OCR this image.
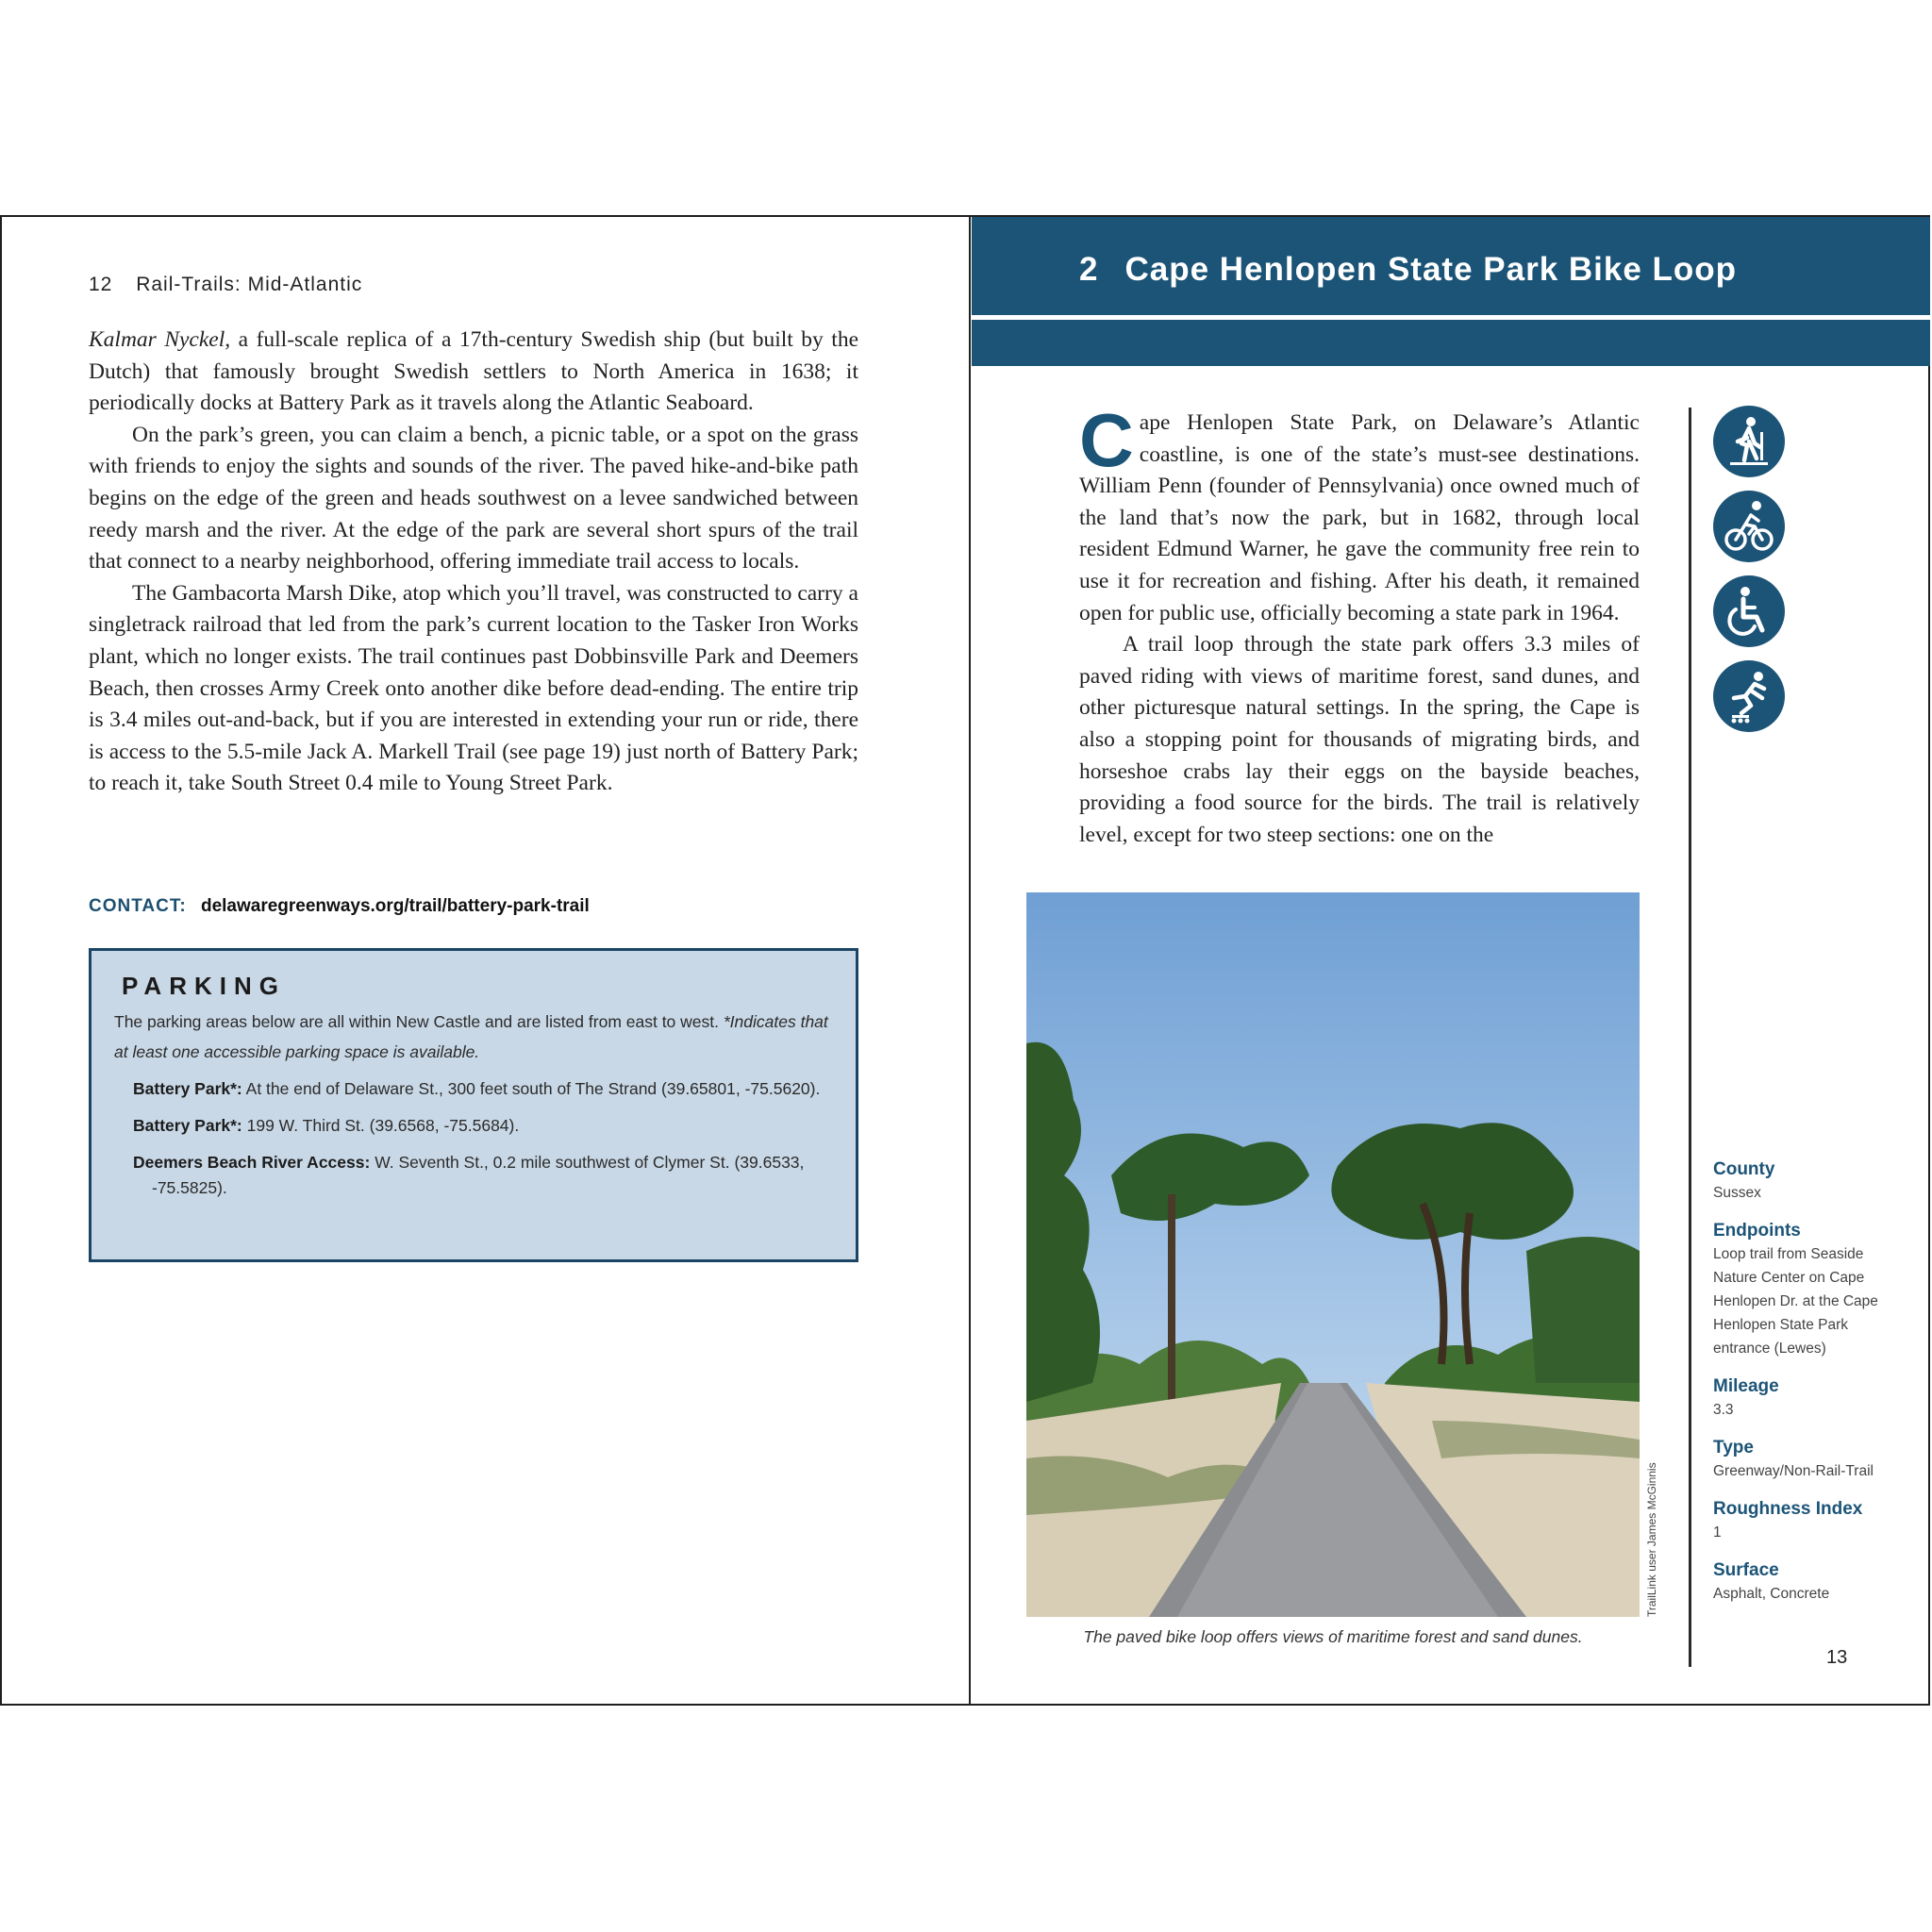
12 Rail-Trails: Mid-Atlantic

Kalmar Nyckel, a full-scale replica of a 17th-century Swedish ship (but built by the Dutch) that famously brought Swedish settlers to North America in 1638; it periodically docks at Battery Park as it travels along the Atlantic Seaboard.

On the park’s green, you can claim a bench, a picnic table, or a spot on the grass with friends to enjoy the sights and sounds of the river. The paved hike-and-bike path begins on the edge of the green and heads southwest on a levee sandwiched between reedy marsh and the river. At the edge of the park are several short spurs of the trail that connect to a nearby neighborhood, offering immediate trail access to locals.

The Gambacorta Marsh Dike, atop which you’ll travel, was constructed to carry a singletrack railroad that led from the park’s current location to the Tasker Iron Works plant, which no longer exists. The trail continues past Dobbinsville Park and Deemers Beach, then crosses Army Creek onto another dike before dead-ending. The entire trip is 3.4 miles out-and-back, but if you are interested in extending your run or ride, there is access to the 5.5-mile Jack A. Markell Trail (see page 19) just north of Battery Park; to reach it, take South Street 0.4 mile to Young Street Park.

CONTACT: delawaregreenways.org/trail/battery-park-trail
PARKING

The parking areas below are all within New Castle and are listed from east to west. *Indicates that at least one accessible parking space is available.

Battery Park*: At the end of Delaware St., 300 feet south of The Strand (39.65801, -75.5620).

Battery Park*: 199 W. Third St. (39.6568, -75.5684).

Deemers Beach River Access: W. Seventh St., 0.2 mile southwest of Clymer St. (39.6533, -75.5825).

2 Cape Henlopen State Park Bike Loop

Cape Henlopen State Park, on Delaware’s Atlantic coastline, is one of the state’s must-see destinations. William Penn (founder of Pennsylvania) once owned much of the land that’s now the park, but in 1682, through local resident Edmund Warner, he gave the community free rein to use it for recreation and fishing. After his death, it remained open for public use, officially becoming a state park in 1964.

A trail loop through the state park offers 3.3 miles of paved riding with views of maritime forest, sand dunes, and other picturesque natural settings. In the spring, the Cape is also a stopping point for thousands of migrating birds, and horseshoe crabs lay their eggs on the bayside beaches, providing a food source for the birds. The trail is relatively level, except for two steep sections: one on the

TrailLink user James McGinnis
The paved bike loop offers views of maritime forest and sand dunes.
County
Sussex
Endpoints
Loop trail from Seaside Nature Center on Cape Henlopen Dr. at the Cape Henlopen State Park entrance (Lewes)
Mileage
3.3
Type
Greenway/Non-Rail-Trail
Roughness Index
1
Surface
Asphalt, Concrete
13
